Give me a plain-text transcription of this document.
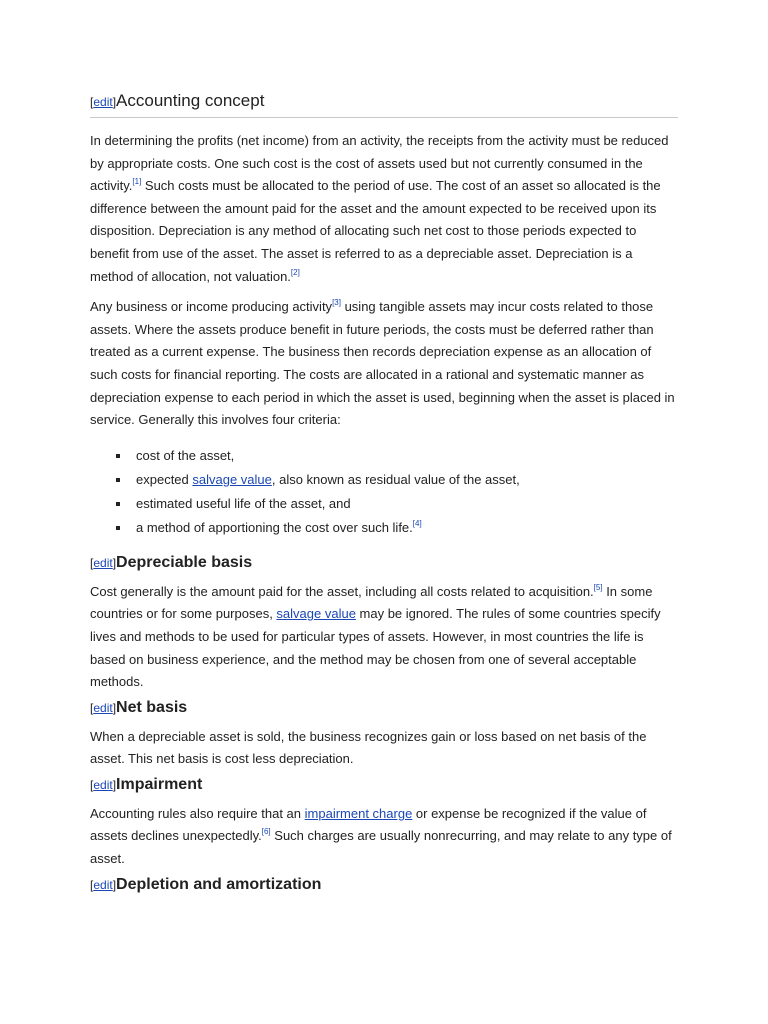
[edit]Accounting concept

In determining the profits (net income) from an activity, the receipts from the activity must be reduced by appropriate costs. One such cost is the cost of assets used but not currently consumed in the activity.[1] Such costs must be allocated to the period of use. The cost of an asset so allocated is the difference between the amount paid for the asset and the amount expected to be received upon its disposition. Depreciation is any method of allocating such net cost to those periods expected to benefit from use of the asset. The asset is referred to as a depreciable asset. Depreciation is a method of allocation, not valuation.[2]

Any business or income producing activity[3] using tangible assets may incur costs related to those assets. Where the assets produce benefit in future periods, the costs must be deferred rather than treated as a current expense. The business then records depreciation expense as an allocation of such costs for financial reporting. The costs are allocated in a rational and systematic manner as depreciation expense to each period in which the asset is used, beginning when the asset is placed in service. Generally this involves four criteria:

cost of the asset,
expected salvage value, also known as residual value of the asset,
estimated useful life of the asset, and
a method of apportioning the cost over such life.[4]
[edit]Depreciable basis

Cost generally is the amount paid for the asset, including all costs related to acquisition.[5] In some countries or for some purposes, salvage value may be ignored. The rules of some countries specify lives and methods to be used for particular types of assets. However, in most countries the life is based on business experience, and the method may be chosen from one of several acceptable methods.

[edit]Net basis

When a depreciable asset is sold, the business recognizes gain or loss based on net basis of the asset. This net basis is cost less depreciation.

[edit]Impairment

Accounting rules also require that an impairment charge or expense be recognized if the value of assets declines unexpectedly.[6] Such charges are usually nonrecurring, and may relate to any type of asset.

[edit]Depletion and amortization
